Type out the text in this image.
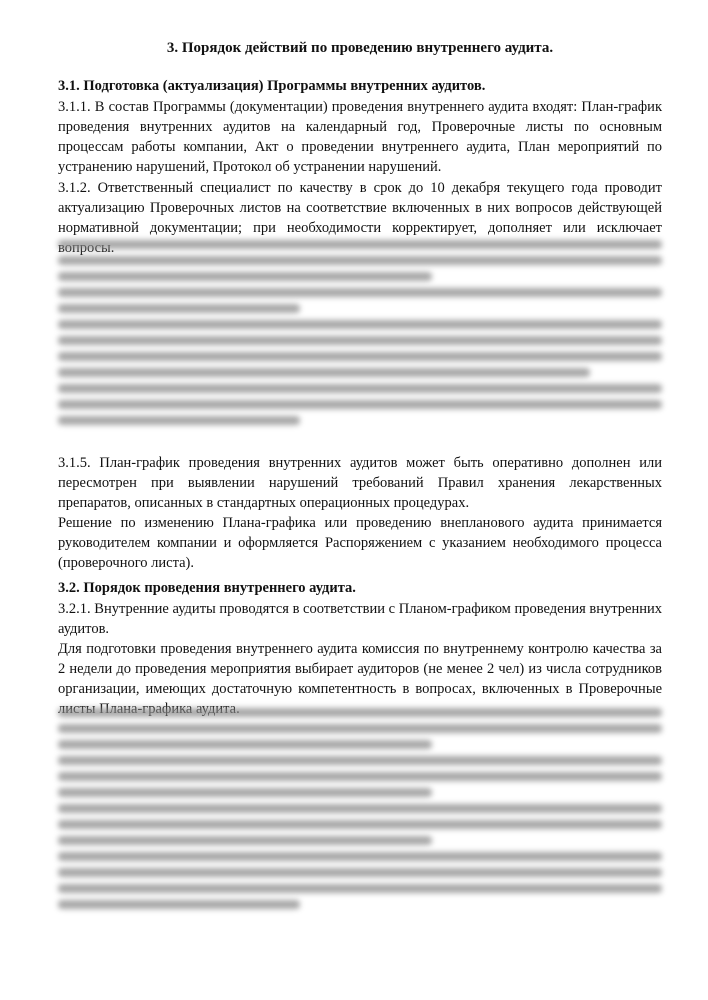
3. Порядок действий по проведению внутреннего аудита.
3.1. Подготовка (актуализация) Программы внутренних аудитов.
3.1.1. В состав Программы (документации) проведения внутреннего аудита входят: План-график проведения внутренних аудитов на календарный год, Проверочные листы по основным процессам работы компании, Акт о проведении внутреннего аудита, План мероприятий по устранению нарушений, Протокол об устранении нарушений.
3.1.2. Ответственный специалист по качеству в срок до 10 декабря текущего года проводит актуализацию Проверочных листов на соответствие включенных в них вопросов действующей нормативной документации; при необходимости корректирует, дополняет или исключает
3.1.5. План-график проведения внутренних аудитов может быть оперативно дополнен или пересмотрен при выявлении нарушений требований Правил хранения лекарственных препаратов, описанных в стандартных операционных процедурах.
Решение по изменению Плана-графика или проведению внепланового аудита принимается руководителем компании и оформляется Распоряжением с указанием необходимого процесса (проверочного листа).
3.2. Порядок проведения внутреннего аудита.
3.2.1. Внутренние аудиты проводятся в соответствии с Планом-графиком проведения внутренних аудитов.
Для подготовки проведения внутреннего аудита комиссия по внутреннему контролю качества за 2 недели до проведения мероприятия выбирает аудиторов (не менее 2 чел) из числа сотрудников организации, имеющих достаточную компетентность в вопросах, включенных в Проверочные
